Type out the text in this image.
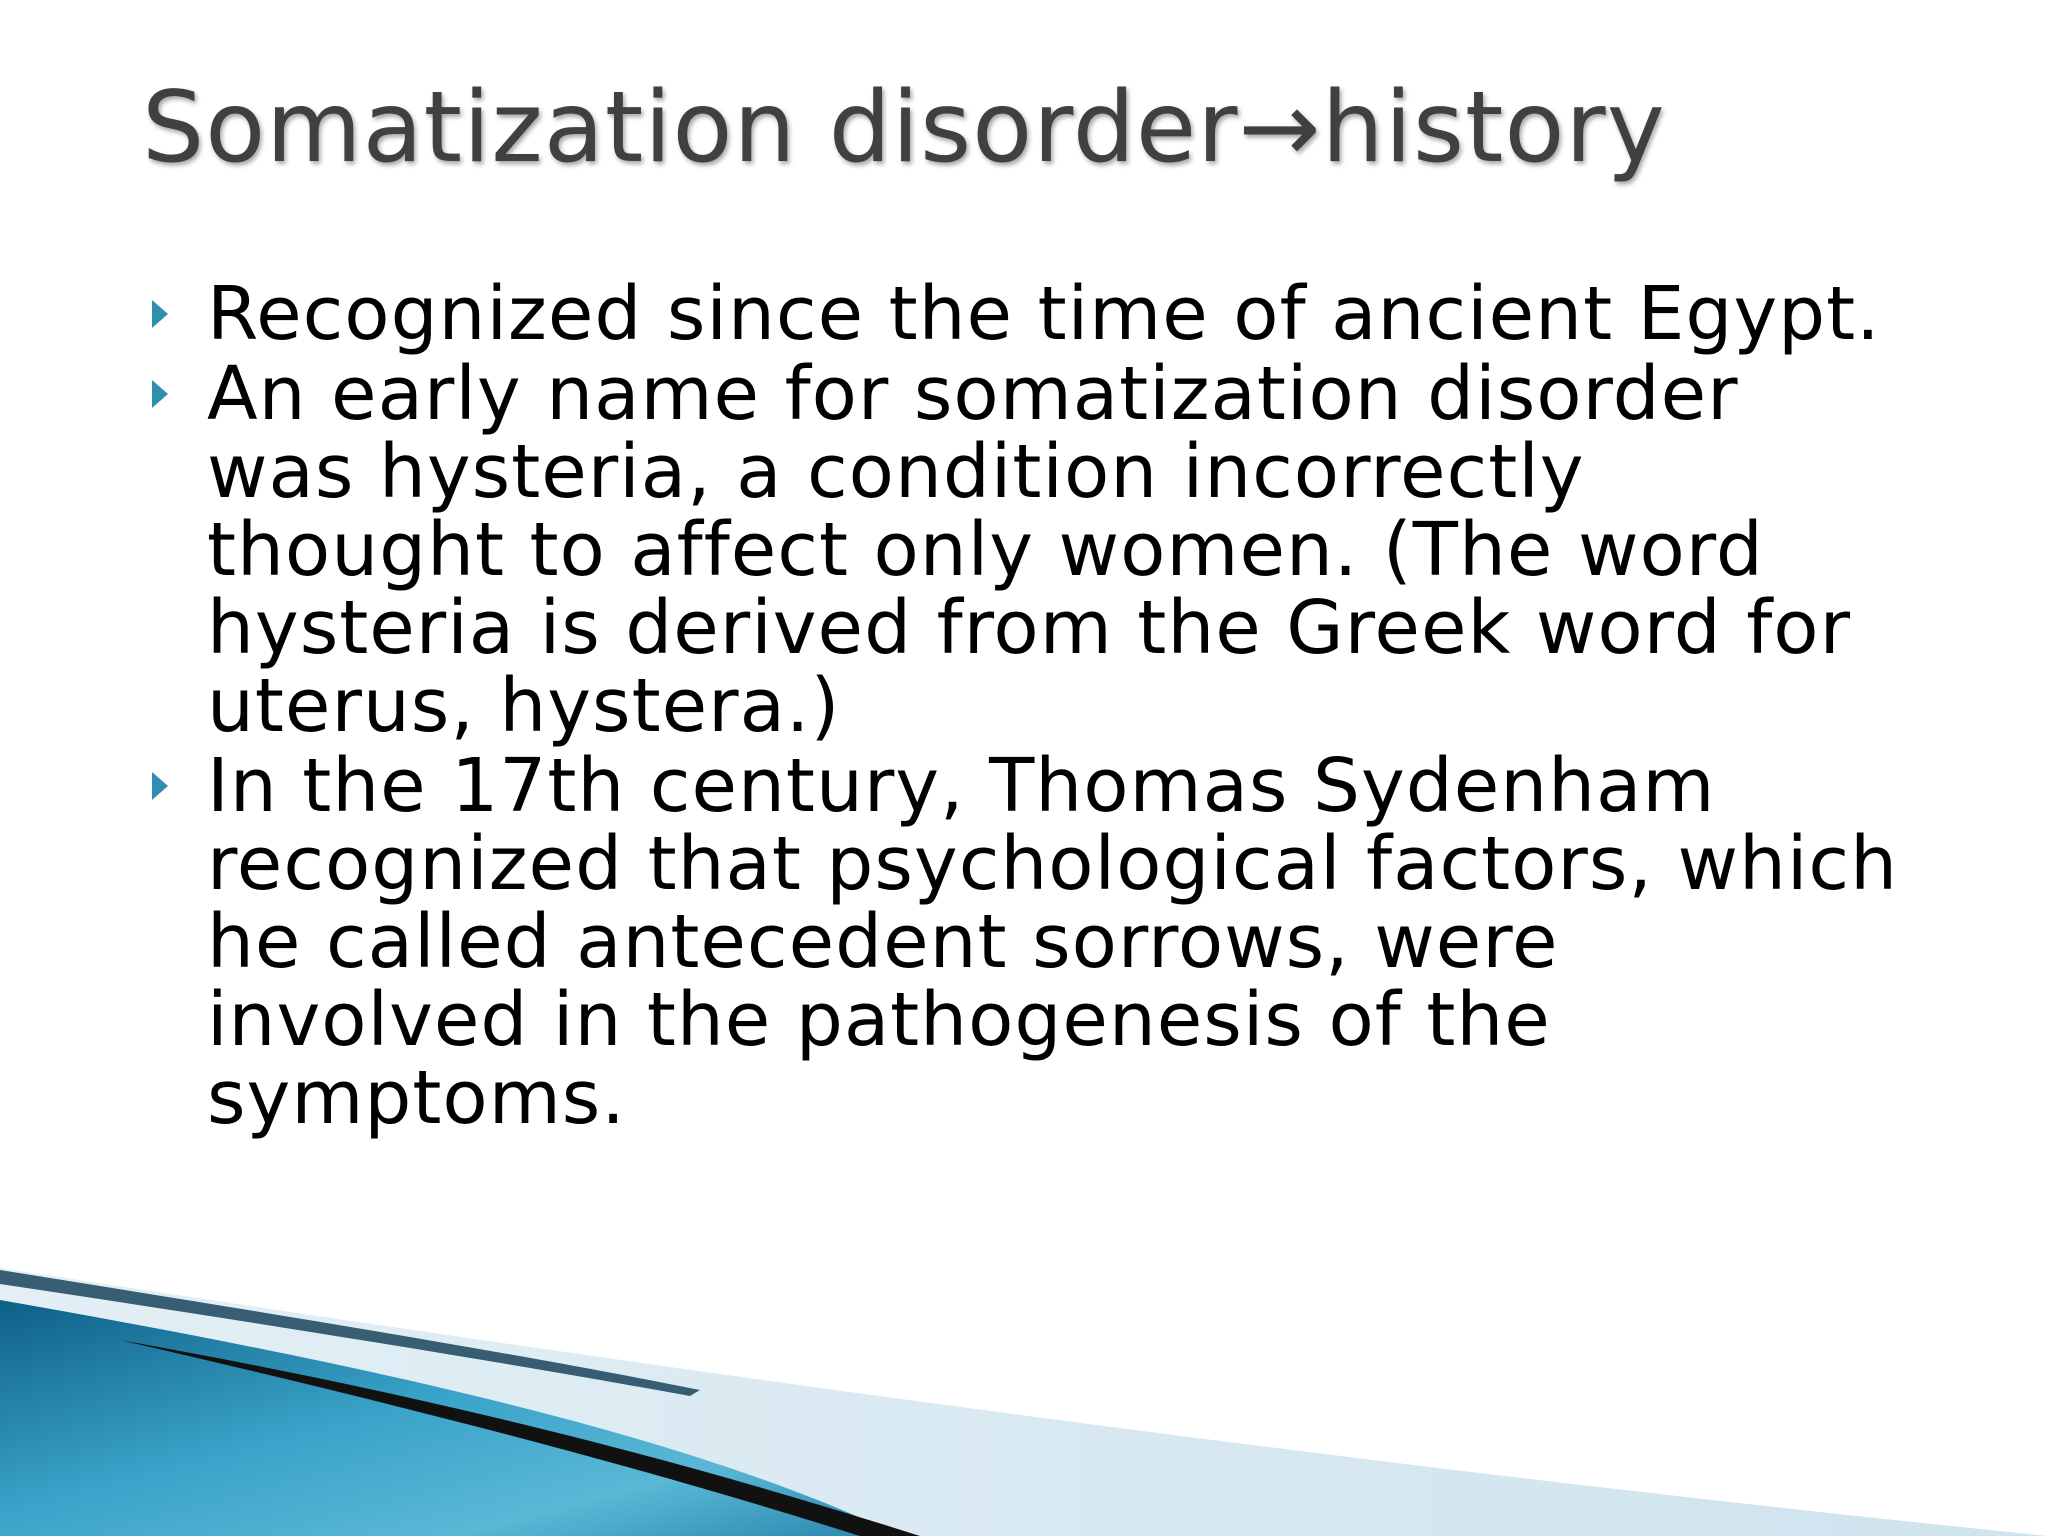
Somatization disorder→history
Recognized since the time of ancient Egypt.
An early name for somatization disorder was hysteria, a condition incorrectly thought to affect only women. (The word hysteria is derived from the Greek word for uterus, hystera.)
In the 17th century, Thomas Sydenham recognized that psychological factors, which he called antecedent sorrows, were involved in the pathogenesis of the symptoms.
